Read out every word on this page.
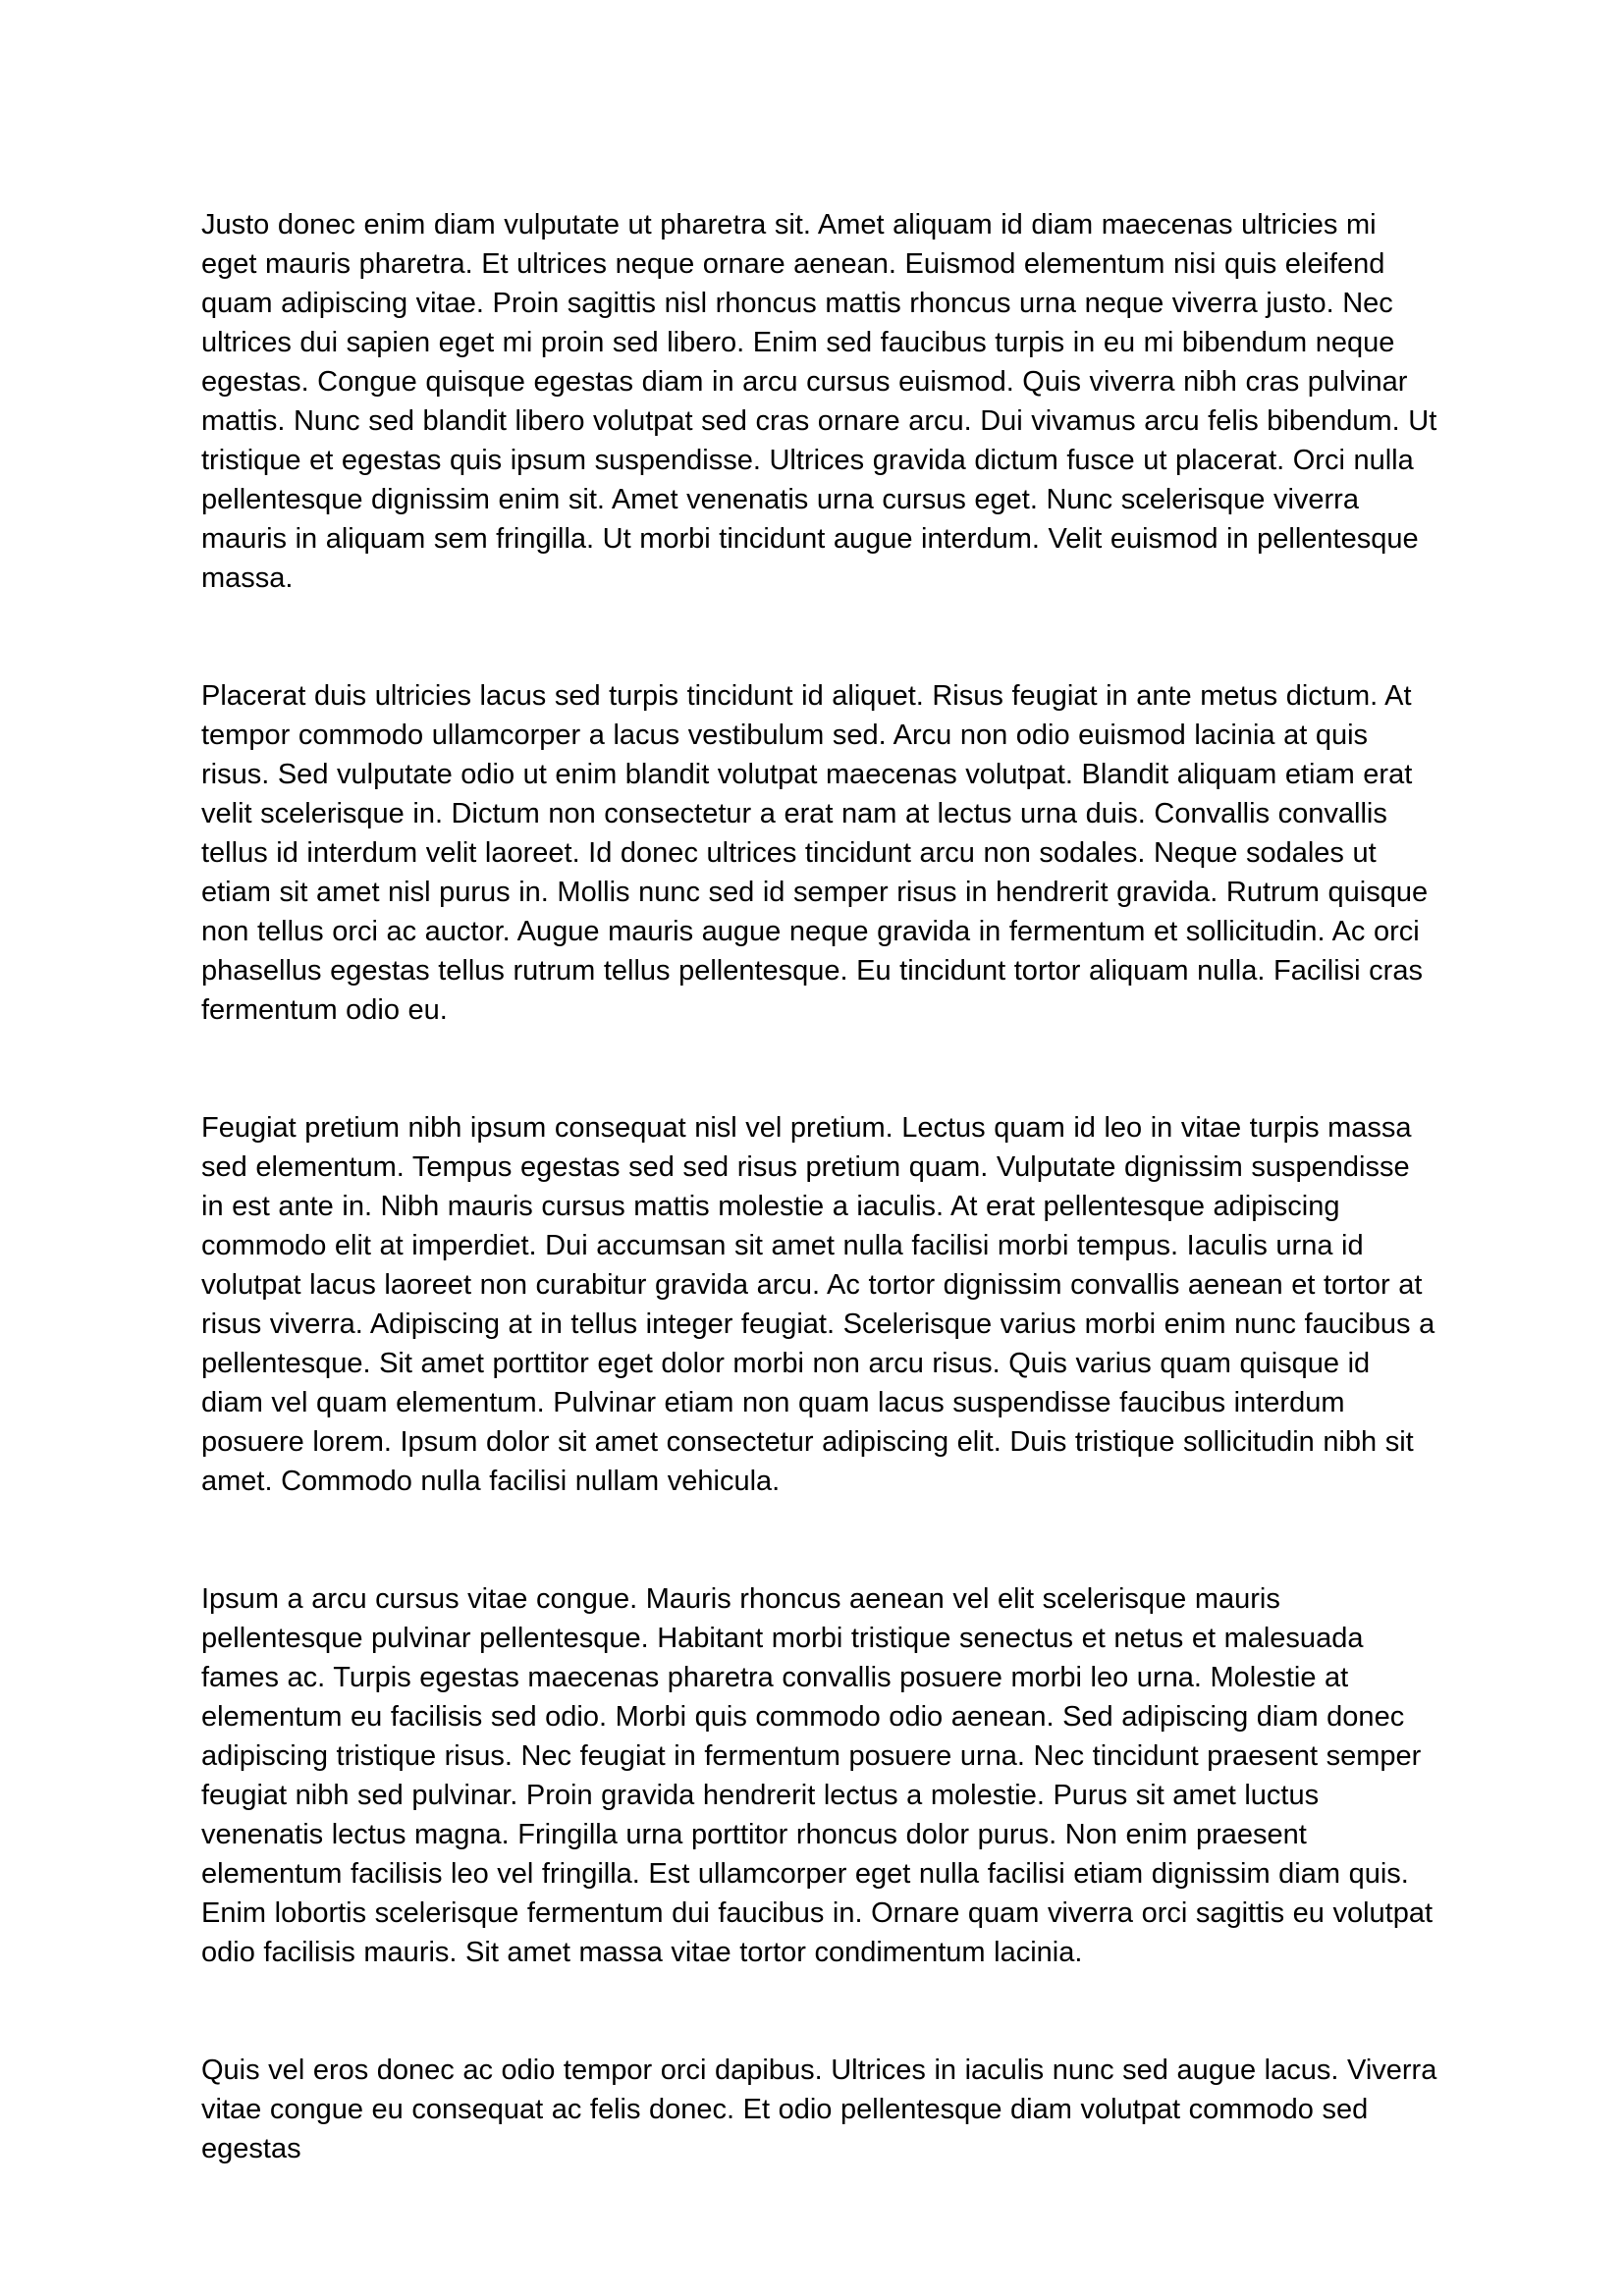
Justo donec enim diam vulputate ut pharetra sit. Amet aliquam id diam maecenas ultricies mi eget mauris pharetra. Et ultrices neque ornare aenean. Euismod elementum nisi quis eleifend quam adipiscing vitae. Proin sagittis nisl rhoncus mattis rhoncus urna neque viverra justo. Nec ultrices dui sapien eget mi proin sed libero. Enim sed faucibus turpis in eu mi bibendum neque egestas. Congue quisque egestas diam in arcu cursus euismod. Quis viverra nibh cras pulvinar mattis. Nunc sed blandit libero volutpat sed cras ornare arcu. Dui vivamus arcu felis bibendum. Ut tristique et egestas quis ipsum suspendisse. Ultrices gravida dictum fusce ut placerat. Orci nulla pellentesque dignissim enim sit. Amet venenatis urna cursus eget. Nunc scelerisque viverra mauris in aliquam sem fringilla. Ut morbi tincidunt augue interdum. Velit euismod in pellentesque massa.

Placerat duis ultricies lacus sed turpis tincidunt id aliquet. Risus feugiat in ante metus dictum. At tempor commodo ullamcorper a lacus vestibulum sed. Arcu non odio euismod lacinia at quis risus. Sed vulputate odio ut enim blandit volutpat maecenas volutpat. Blandit aliquam etiam erat velit scelerisque in. Dictum non consectetur a erat nam at lectus urna duis. Convallis convallis tellus id interdum velit laoreet. Id donec ultrices tincidunt arcu non sodales. Neque sodales ut etiam sit amet nisl purus in. Mollis nunc sed id semper risus in hendrerit gravida. Rutrum quisque non tellus orci ac auctor. Augue mauris augue neque gravida in fermentum et sollicitudin. Ac orci phasellus egestas tellus rutrum tellus pellentesque. Eu tincidunt tortor aliquam nulla. Facilisi cras fermentum odio eu.

Feugiat pretium nibh ipsum consequat nisl vel pretium. Lectus quam id leo in vitae turpis massa sed elementum. Tempus egestas sed sed risus pretium quam. Vulputate dignissim suspendisse in est ante in. Nibh mauris cursus mattis molestie a iaculis. At erat pellentesque adipiscing commodo elit at imperdiet. Dui accumsan sit amet nulla facilisi morbi tempus. Iaculis urna id volutpat lacus laoreet non curabitur gravida arcu. Ac tortor dignissim convallis aenean et tortor at risus viverra. Adipiscing at in tellus integer feugiat. Scelerisque varius morbi enim nunc faucibus a pellentesque. Sit amet porttitor eget dolor morbi non arcu risus. Quis varius quam quisque id diam vel quam elementum. Pulvinar etiam non quam lacus suspendisse faucibus interdum posuere lorem. Ipsum dolor sit amet consectetur adipiscing elit. Duis tristique sollicitudin nibh sit amet. Commodo nulla facilisi nullam vehicula.

Ipsum a arcu cursus vitae congue. Mauris rhoncus aenean vel elit scelerisque mauris pellentesque pulvinar pellentesque. Habitant morbi tristique senectus et netus et malesuada fames ac. Turpis egestas maecenas pharetra convallis posuere morbi leo urna. Molestie at elementum eu facilisis sed odio. Morbi quis commodo odio aenean. Sed adipiscing diam donec adipiscing tristique risus. Nec feugiat in fermentum posuere urna. Nec tincidunt praesent semper feugiat nibh sed pulvinar. Proin gravida hendrerit lectus a molestie. Purus sit amet luctus venenatis lectus magna. Fringilla urna porttitor rhoncus dolor purus. Non enim praesent elementum facilisis leo vel fringilla. Est ullamcorper eget nulla facilisi etiam dignissim diam quis. Enim lobortis scelerisque fermentum dui faucibus in. Ornare quam viverra orci sagittis eu volutpat odio facilisis mauris. Sit amet massa vitae tortor condimentum lacinia.

Quis vel eros donec ac odio tempor orci dapibus. Ultrices in iaculis nunc sed augue lacus. Viverra vitae congue eu consequat ac felis donec. Et odio pellentesque diam volutpat commodo sed egestas
